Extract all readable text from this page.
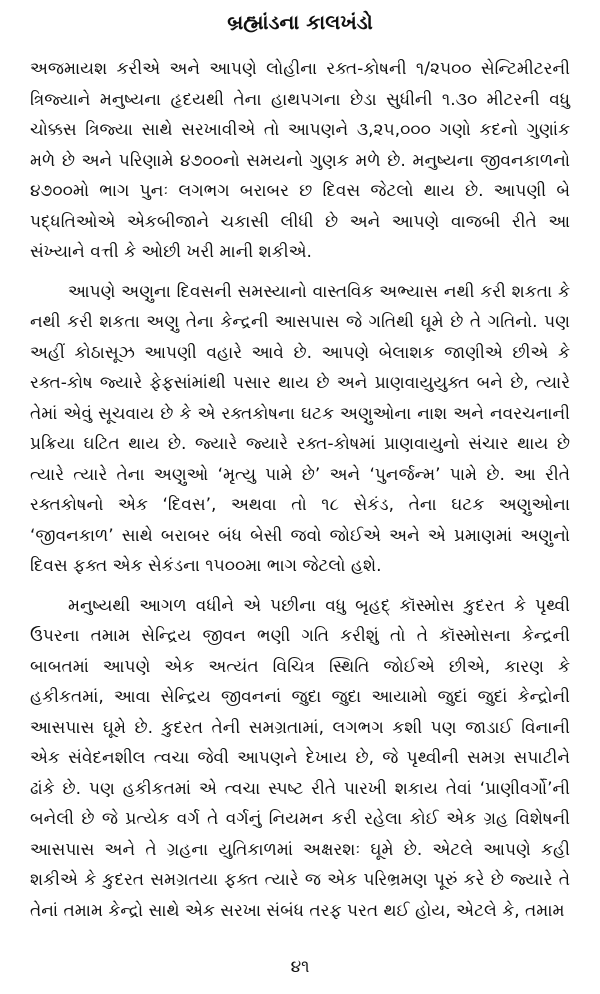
બ્રહ્માંડના કાલખંડો

અજમાયશ કરીએ અને આપણે લોહીના રક્ત-કોષની ૧/૨૫૦૦ સેન્ટિમીટરની ત્રિજ્યાને મનુષ્યના હૃદયથી તેના હાથપગના છેડા સુધીની ૧.૩૦ મીટરની વધુ ચોક્કસ ત્રિજ્યા સાથે સરખાવીએ તો આપણને ૩,૨૫,૦૦૦ ગણો કદનો ગુણાંક મળે છે અને પરિણામે ૪૭૦૦નો સમયનો ગુણક મળે છે. મનુષ્યના જીવનકાળનો ૪૭૦૦મો ભાગ પુનઃ લગભગ બરાબર છ દિવસ જેટલો થાય છે. આપણી બે પદ્ધતિઓએ એકબીજાને ચકાસી લીધી છે અને આપણે વાજબી રીતે આ સંખ્યાને વત્તી કે ઓછી ખરી માની શકીએ.

આપણે અણુના દિવસની સમસ્યાનો વાસ્તવિક અભ્યાસ નથી કરી શકતા કે નથી કરી શકતા અણુ તેના કેન્દ્રની આસપાસ જે ગતિથી ઘૂમે છે તે ગતિનો. પણ અહીં કોઠાસૂઝ આપણી વહારે આવે છે. આપણે બેલાશક જાણીએ છીએ કે રક્ત-કોષ જ્યારે ફેફસાંમાંથી પસાર થાય છે અને પ્રાણવાયુયુક્ત બને છે, ત્યારે તેમાં એવું સૂચવાય છે કે એ રક્તકોષના ઘટક અણુઓના નાશ અને નવરચનાની પ્રક્રિયા ઘટિત થાય છે. જ્યારે જ્યારે રક્ત-કોષમાં પ્રાણવાયુનો સંચાર થાય છે ત્યારે ત્યારે તેના અણુઓ ‘મૃત્યુ પામે છે’ અને ‘પુનર્જન્મ’ પામે છે. આ રીતે રક્તકોષનો એક ‘દિવસ’, અથવા તો ૧૮ સેકંડ, તેના ઘટક અણુઓના ‘જીવનકાળ’ સાથે બરાબર બંધ બેસી જવો જોઈએ અને એ પ્રમાણમાં અણુનો દિવસ ફક્ત એક સેકંડના ૧૫૦૦મા ભાગ જેટલો હશે.

મનુષ્યથી આગળ વધીને એ પછીના વધુ બૃહદ્ કૉસ્મોસ કુદરત કે પૃથ્વી ઉપરના તમામ સેન્દ્રિય જીવન ભણી ગતિ કરીશું તો તે કૉસ્મોસના કેન્દ્રની બાબતમાં આપણે એક અત્યંત વિચિત્ર સ્થિતિ જોઈએ છીએ, કારણ કે હકીકતમાં, આવા સેન્દ્રિય જીવનનાં જુદા જુદા આયામો જુદાં જુદાં કેન્દ્રોની આસપાસ ઘૂમે છે. કુદરત તેની સમગ્રતામાં, લગભગ કશી પણ જાડાઈ વિનાની એક સંવેદનશીલ ત્વચા જેવી આપણને દેખાય છે, જે પૃથ્વીની સમગ્ર સપાટીને ઢાંકે છે. પણ હકીકતમાં એ ત્વચા સ્પષ્ટ રીતે પારખી શકાય તેવાં ‘પ્રાણીવર્ગો’ની બનેલી છે જે પ્રત્યેક વર્ગ તે વર્ગનું નિયમન કરી રહેલા કોઈ એક ગ્રહ વિશેષની આસપાસ અને તે ગ્રહના યુતિકાળમાં અક્ષરશઃ ઘૂમે છે. એટલે આપણે કહી શકીએ કે કુદરત સમગ્રતયા ફક્ત ત્યારે જ એક પરિભ્રમણ પૂરું કરે છે જ્યારે તે તેનાં તમામ કેન્દ્રો સાથે એક સરખા સંબંધ તરફ પરત થઈ હોય, એટલે કે, તમામ

૪૧
